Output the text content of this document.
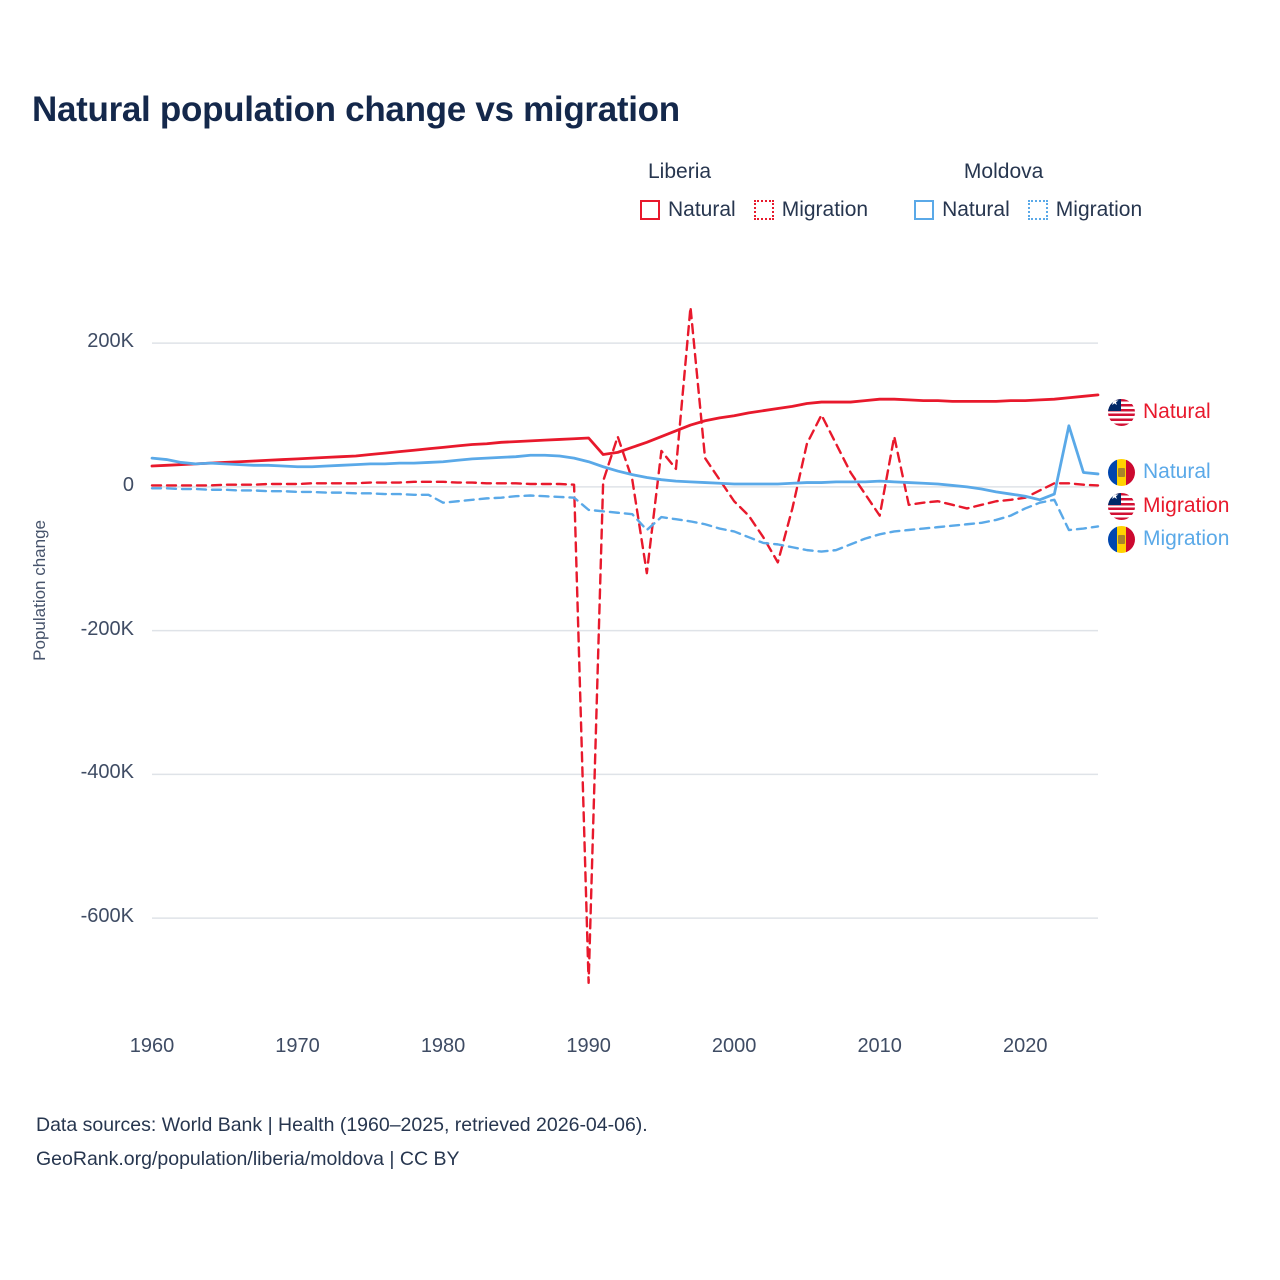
Natural population change vs migration
Liberia	Moldova
Natural Migration	Natural Migration
Population change
200K
0
-200K
-400K
-600K
1960	1970	1980	1990	2000	2010	2020
★Natural
Natural
★Migration
Migration
Data sources: World Bank | Health (1960–2025, retrieved 2026-04-06).
GeoRank.org/population/liberia/moldova | CC BY
